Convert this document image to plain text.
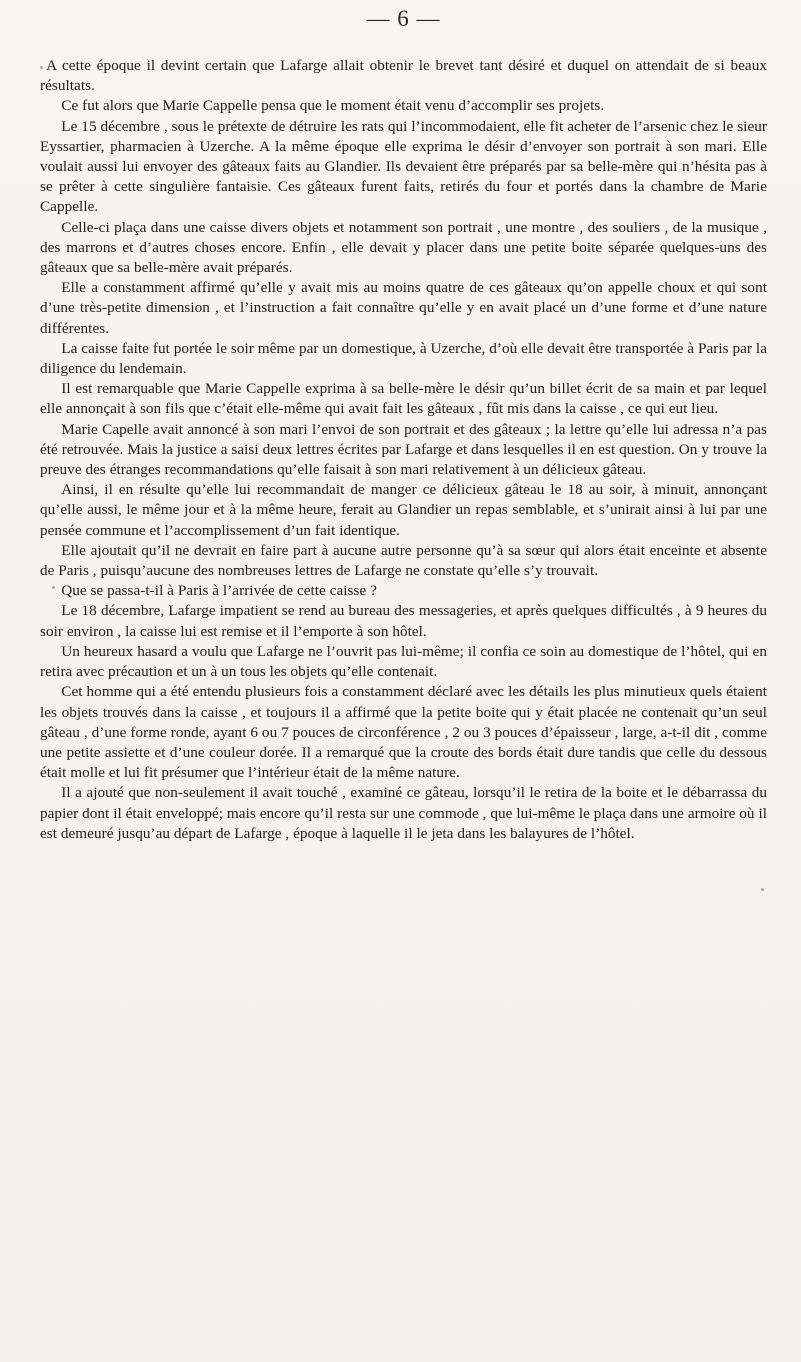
— 6 —

A cette époque il devint certain que Lafarge allait obtenir le brevet tant désiré et duquel on attendait de si beaux résultats.

Ce fut alors que Marie Cappelle pensa que le moment était venu d’accomplir ses projets.

Le 15 décembre , sous le prétexte de détruire les rats qui l’incommodaient, elle fit acheter de l’arsenic chez le sieur Eyssartier, pharmacien à Uzerche. A la même époque elle exprima le désir d’envoyer son portrait à son mari. Elle voulait aussi lui envoyer des gâteaux faits au Glandier. Ils devaient être préparés par sa belle-mère qui n’hésita pas à se prêter à cette singulière fantaisie. Ces gâteaux furent faits, retirés du four et portés dans la chambre de Marie Cappelle.

Celle-ci plaça dans une caisse divers objets et notamment son portrait , une montre , des souliers , de la musique , des marrons et d’autres choses encore. Enfin , elle devait y placer dans une petite boite séparée quelques-uns des gâteaux que sa belle-mère avait préparés.

Elle a constamment affirmé qu’elle y avait mis au moins quatre de ces gâteaux qu’on appelle choux et qui sont d’une très-petite dimension , et l’instruction a fait connaître qu’elle y en avait placé un d’une forme et d’une nature différentes.

La caisse faite fut portée le soir même par un domestique, à Uzerche, d’où elle devait être transportée à Paris par la diligence du lendemain.

Il est remarquable que Marie Cappelle exprima à sa belle-mère le désir qu’un billet écrit de sa main et par lequel elle annonçait à son fils que c’était elle-même qui avait fait les gâteaux , fût mis dans la caisse , ce qui eut lieu.

Marie Capelle avait annoncé à son mari l’envoi de son portrait et des gâteaux ; la lettre qu’elle lui adressa n’a pas été retrouvée. Mais la justice a saisi deux lettres écrites par Lafarge et dans lesquelles il en est question. On y trouve la preuve des étranges recommandations qu’elle faisait à son mari relativement à un délicieux gâteau.

Ainsi, il en résulte qu’elle lui recommandait de manger ce délicieux gâteau le 18 au soir, à minuit, annonçant qu’elle aussi, le même jour et à la même heure, ferait au Glandier un repas semblable, et s’unirait ainsi à lui par une pensée commune et l’accomplissement d’un fait identique.

Elle ajoutait qu’il ne devrait en faire part à aucune autre personne qu’à sa sœur qui alors était enceinte et absente de Paris , puisqu’aucune des nombreuses lettres de Lafarge ne constate qu’elle s’y trouvait.

Que se passa-t-il à Paris à l’arrivée de cette caisse ?

Le 18 décembre, Lafarge impatient se rend au bureau des messageries, et après quelques difficultés , à 9 heures du soir environ , la caisse lui est remise et il l’emporte à son hôtel.

Un heureux hasard a voulu que Lafarge ne l’ouvrit pas lui-même; il confia ce soin au domestique de l’hôtel, qui en retira avec précaution et un à un tous les objets qu’elle contenait.

Cet homme qui a été entendu plusieurs fois a constamment déclaré avec les détails les plus minutieux quels étaient les objets trouvés dans la caisse , et toujours il a affirmé que la petite boite qui y était placée ne contenait qu’un seul gâteau , d’une forme ronde, ayant 6 ou 7 pouces de circonférence , 2 ou 3 pouces d’épaisseur , large, a-t-il dit , comme une petite assiette et d’une couleur dorée. Il a remarqué que la croute des bords était dure tandis que celle du dessous était molle et lui fit présumer que l’intérieur était de la même nature.

Il a ajouté que non-seulement il avait touché , examiné ce gâteau, lorsqu’il le retira de la boite et le débarrassa du papier dont il était enveloppé; mais encore qu’il resta sur une commode , que lui-même le plaça dans une armoire où il est demeuré jusqu’au départ de Lafarge , époque à laquelle il le jeta dans les balayures de l’hôtel.
